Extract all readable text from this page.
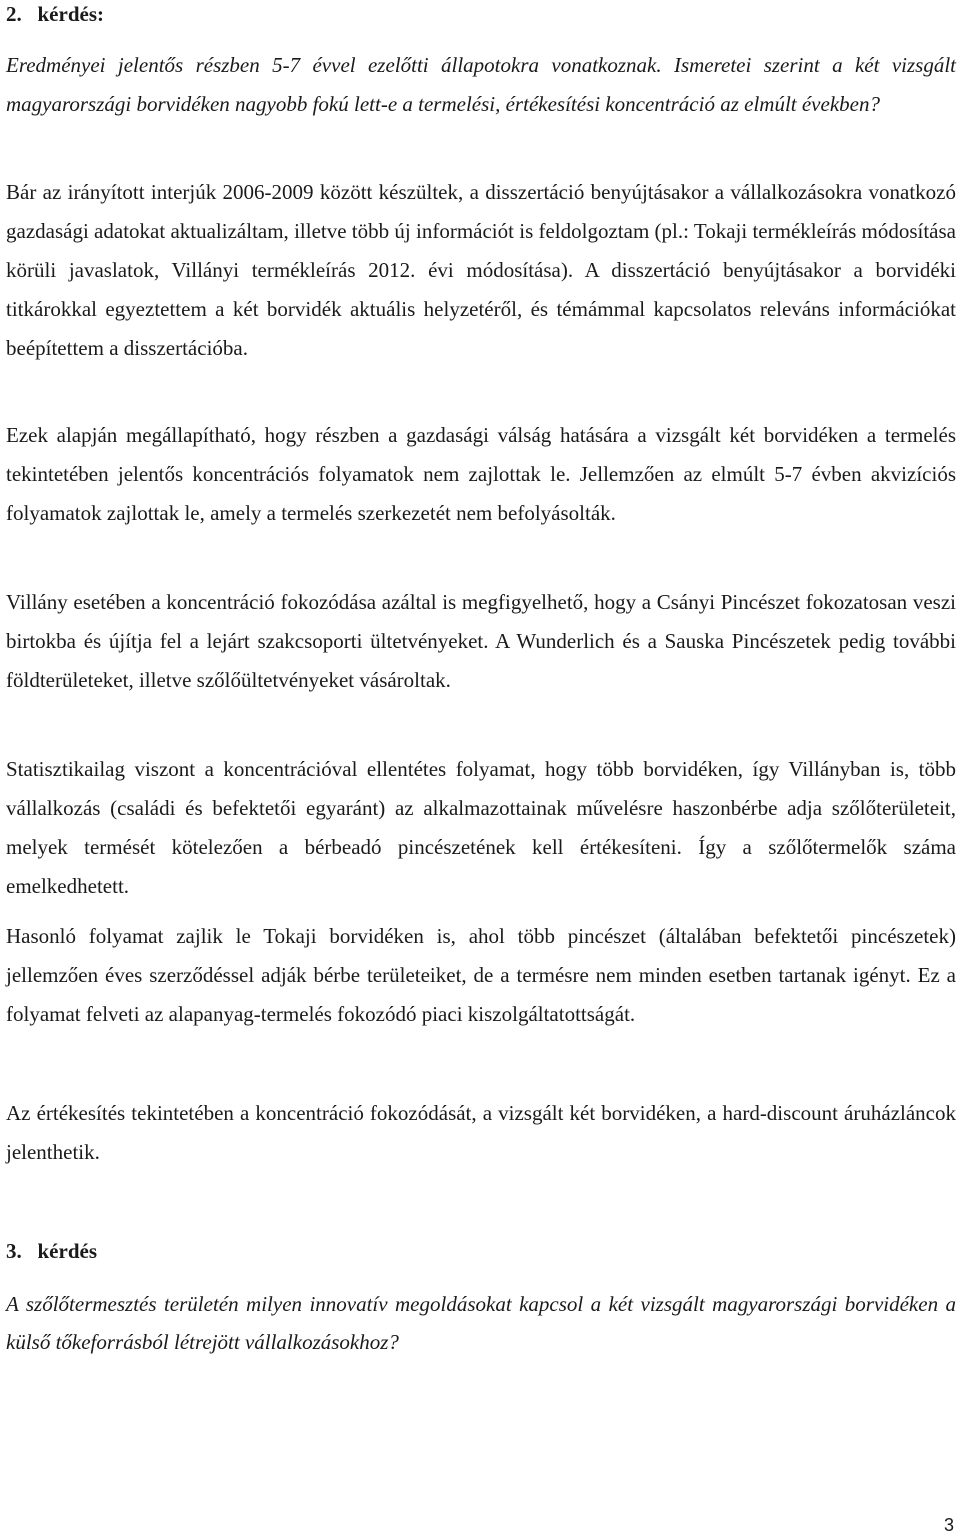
2. kérdés:

Eredményei jelentős részben 5-7 évvel ezelőtti állapotokra vonatkoznak. Ismeretei szerint a két vizsgált magyarországi borvidéken nagyobb fokú lett-e a termelési, értékesítési koncentráció az elmúlt években?

Bár az irányított interjúk 2006-2009 között készültek, a disszertáció benyújtásakor a vállalkozásokra vonatkozó gazdasági adatokat aktualizáltam, illetve több új információt is feldolgoztam (pl.: Tokaji termékleírás módosítása körüli javaslatok, Villányi termékleírás 2012. évi módosítása). A disszertáció benyújtásakor a borvidéki titkárokkal egyeztettem a két borvidék aktuális helyzetéről, és témámmal kapcsolatos releváns információkat beépítettem a disszertációba.

Ezek alapján megállapítható, hogy részben a gazdasági válság hatására a vizsgált két borvidéken a termelés tekintetében jelentős koncentrációs folyamatok nem zajlottak le. Jellemzően az elmúlt 5-7 évben akvizíciós folyamatok zajlottak le, amely a termelés szerkezetét nem befolyásolták.

Villány esetében a koncentráció fokozódása azáltal is megfigyelhető, hogy a Csányi Pincészet fokozatosan veszi birtokba és újítja fel a lejárt szakcsoporti ültetvényeket. A Wunderlich és a Sauska Pincészetek pedig további földterületeket, illetve szőlőültetvényeket vásároltak.

Statisztikailag viszont a koncentrációval ellentétes folyamat, hogy több borvidéken, így Villányban is, több vállalkozás (családi és befektetői egyaránt) az alkalmazottainak művelésre haszonbérbe adja szőlőterületeit, melyek termését kötelezően a bérbeadó pincészetének kell értékesíteni. Így a szőlőtermelők száma emelkedhetett.

Hasonló folyamat zajlik le Tokaji borvidéken is, ahol több pincészet (általában befektetői pincészetek) jellemzően éves szerződéssel adják bérbe területeiket, de a termésre nem minden esetben tartanak igényt. Ez a folyamat felveti az alapanyag-termelés fokozódó piaci kiszolgáltatottságát.

Az értékesítés tekintetében a koncentráció fokozódását, a vizsgált két borvidéken, a hard-discount áruházláncok jelenthetik.

3. kérdés

A szőlőtermesztés területén milyen innovatív megoldásokat kapcsol a két vizsgált magyarországi borvidéken a külső tőkeforrásból létrejött vállalkozásokhoz?

3
